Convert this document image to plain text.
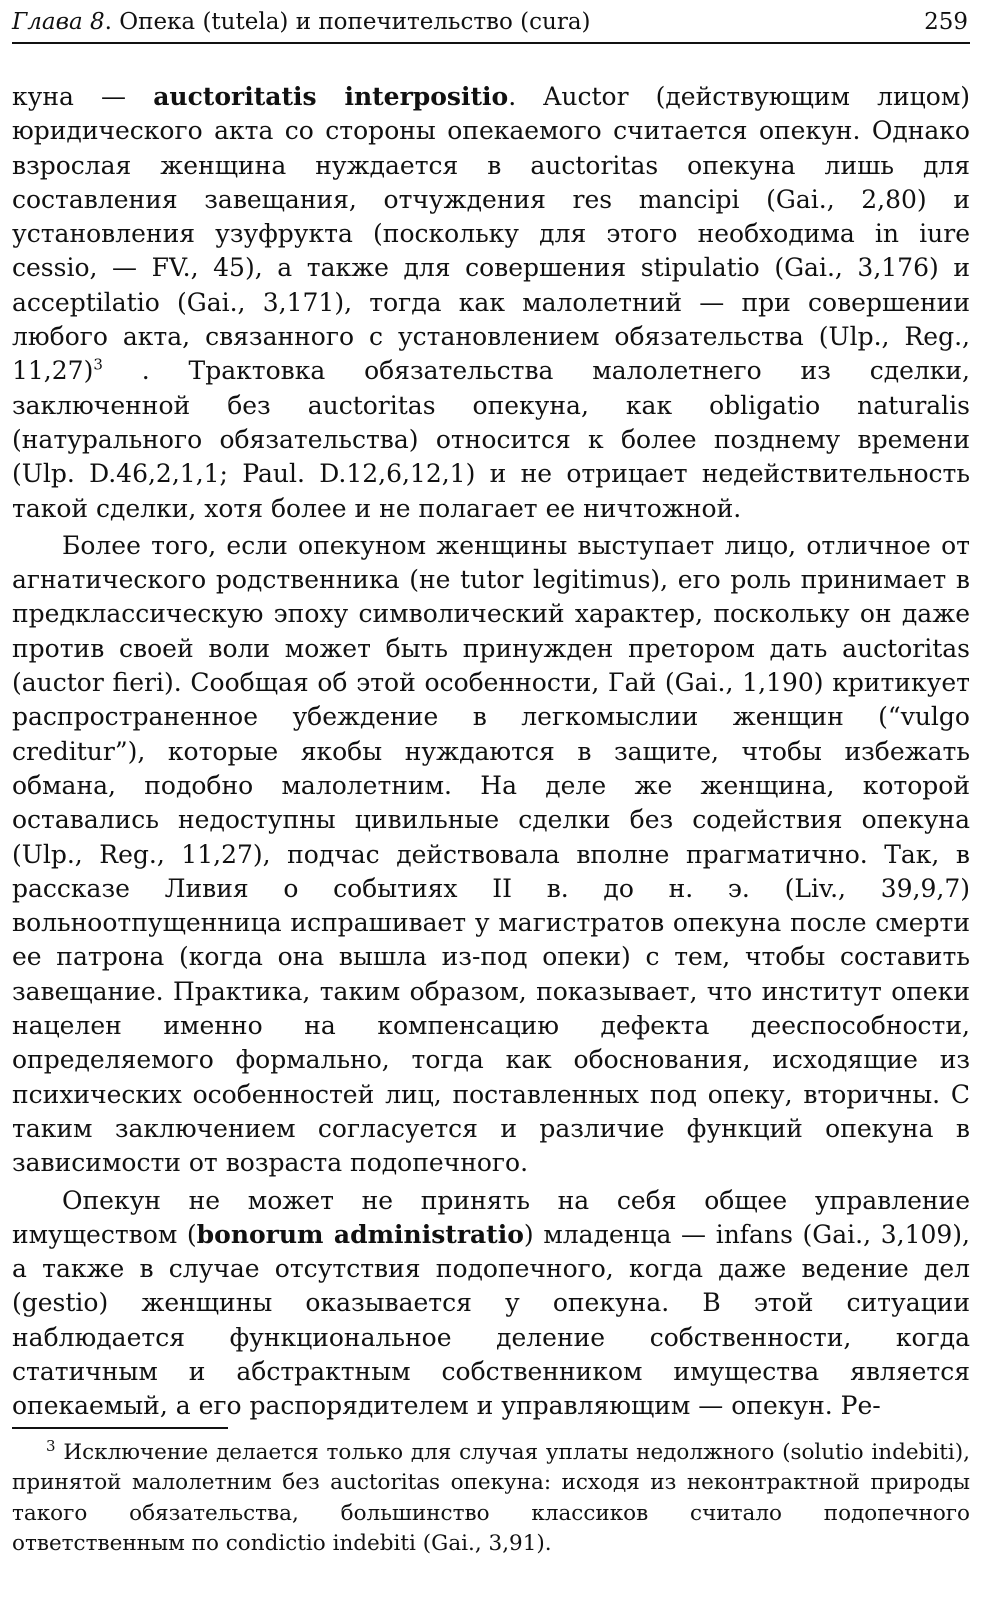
Глава 8. Опека (tutela) и попечительство (cura)	259

куна — auctoritatis interpositio. Auctor (действующим лицом) юридического акта со стороны опекаемого считается опекун. Однако взрослая женщина нуждается в auctoritas опекуна лишь для составления завещания, отчуждения res mancipi (Gai., 2,80) и установления узуфрукта (поскольку для этого необходима in iure cessio, — FV., 45), а также для совершения stipulatio (Gai., 3,176) и acceptilatio (Gai., 3,171), тогда как малолетний — при совершении любого акта, связанного с установлением обязательства (Ulp., Reg., 11,27)$^3$ . Трактовка обязательства малолетнего из сделки, заключенной без auctoritas опекуна, как obligatio naturalis (натурального обязательства) относится к более позднему времени (Ulp. D.46,2,1,1; Paul. D.12,6,12,1) и не отрицает недействительность такой сделки, хотя более и не полагает ее ничтожной.

Более того, если опекуном женщины выступает лицо, отличное от агнатического родственника (не tutor legitimus), его роль принимает в предклассическую эпоху символический характер, поскольку он даже против своей воли может быть принужден претором дать auctoritas (auctor fieri). Сообщая об этой особенности, Гай (Gai., 1,190) критикует распространенное убеждение в легкомыслии женщин (“vulgo creditur”), которые якобы нуждаются в защите, чтобы избежать обмана, подобно малолетним. На деле же женщина, которой оставались недоступны цивильные сделки без содействия опекуна (Ulp., Reg., 11,27), подчас действовала вполне прагматично. Так, в рассказе Ливия о событиях II в. до н. э. (Liv., 39,9,7) вольноотпущенница испрашивает у магистратов опекуна после смерти ее патрона (когда она вышла из-под опеки) с тем, чтобы составить завещание. Практика, таким образом, показывает, что институт опеки нацелен именно на компенсацию дефекта дееспособности, определяемого формально, тогда как обоснования, исходящие из психических особенностей лиц, поставленных под опеку, вторичны. С таким заключением согласуется и различие функций опекуна в зависимости от возраста подопечного.

Опекун не может не принять на себя общее управление имуществом (bonorum administratio) младенца — infans (Gai., 3,109), а также в случае отсутствия подопечного, когда даже ведение дел (gestio) женщины оказывается у опекуна. В этой ситуации наблюдается функциональное деление собственности, когда статичным и абстрактным собственником имущества является опекаемый, а его распорядителем и управляющим — опекун. Ре-

$^3$ Исключение делается только для случая уплаты недолжного (solutio indebiti), принятой малолетним без auctoritas опекуна: исходя из неконтрактной природы такого обязательства, большинство классиков считало подопечного ответственным по condictio indebiti (Gai., 3,91).
